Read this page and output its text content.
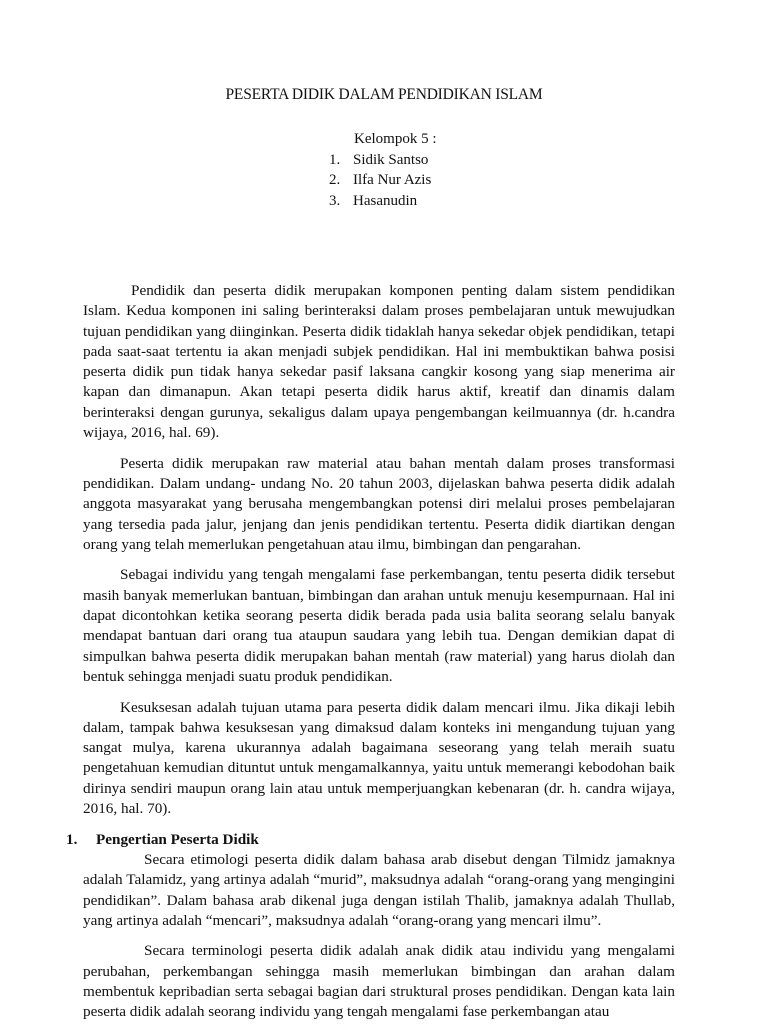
PESERTA DIDIK DALAM PENDIDIKAN ISLAM
Kelompok 5 :
1. Sidik Santso
2. Ilfa Nur Azis
3. Hasanudin

Pendidik dan peserta didik merupakan komponen penting dalam sistem pendidikan Islam. Kedua komponen ini saling berinteraksi dalam proses pembelajaran untuk mewujudkan tujuan pendidikan yang diinginkan. Peserta didik tidaklah hanya sekedar objek pendidikan, tetapi pada saat-saat tertentu ia akan menjadi subjek pendidikan. Hal ini membuktikan bahwa posisi peserta didik pun tidak hanya sekedar pasif laksana cangkir kosong yang siap menerima air kapan dan dimanapun. Akan tetapi peserta didik harus aktif, kreatif dan dinamis dalam berinteraksi dengan gurunya, sekaligus dalam upaya pengembangan keilmuannya (dr. h.candra wijaya, 2016, hal. 69).

Peserta didik merupakan raw material atau bahan mentah dalam proses transformasi pendidikan. Dalam undang- undang No. 20 tahun 2003, dijelaskan bahwa peserta didik adalah anggota masyarakat yang berusaha mengembangkan potensi diri melalui proses pembelajaran yang tersedia pada jalur, jenjang dan jenis pendidikan tertentu. Peserta didik diartikan dengan orang yang telah memerlukan pengetahuan atau ilmu, bimbingan dan pengarahan.

Sebagai individu yang tengah mengalami fase perkembangan, tentu peserta didik tersebut masih banyak memerlukan bantuan, bimbingan dan arahan untuk menuju kesempurnaan. Hal ini dapat dicontohkan ketika seorang peserta didik berada pada usia balita seorang selalu banyak mendapat bantuan dari orang tua ataupun saudara yang lebih tua. Dengan demikian dapat di simpulkan bahwa peserta didik merupakan bahan mentah (raw material) yang harus diolah dan bentuk sehingga menjadi suatu produk pendidikan.

Kesuksesan adalah tujuan utama para peserta didik dalam mencari ilmu. Jika dikaji lebih dalam, tampak bahwa kesuksesan yang dimaksud dalam konteks ini mengandung tujuan yang sangat mulya, karena ukurannya adalah bagaimana seseorang yang telah meraih suatu pengetahuan kemudian dituntut untuk mengamalkannya, yaitu untuk memerangi kebodohan baik dirinya sendiri maupun orang lain atau untuk memperjuangkan kebenaran (dr. h. candra wijaya, 2016, hal. 70).

1.	Pengertian Peserta Didik

Secara etimologi peserta didik dalam bahasa arab disebut dengan Tilmidz jamaknya adalah Talamidz, yang artinya adalah “murid”, maksudnya adalah “orang-orang yang mengingini pendidikan”. Dalam bahasa arab dikenal juga dengan istilah Thalib, jamaknya adalah Thullab, yang artinya adalah “mencari”, maksudnya adalah “orang-orang yang mencari ilmu”.

Secara terminologi peserta didik adalah anak didik atau individu yang mengalami perubahan, perkembangan sehingga masih memerlukan bimbingan dan arahan dalam membentuk kepribadian serta sebagai bagian dari struktural proses pendidikan. Dengan kata lain peserta didik adalah seorang individu yang tengah mengalami fase perkembangan atau
